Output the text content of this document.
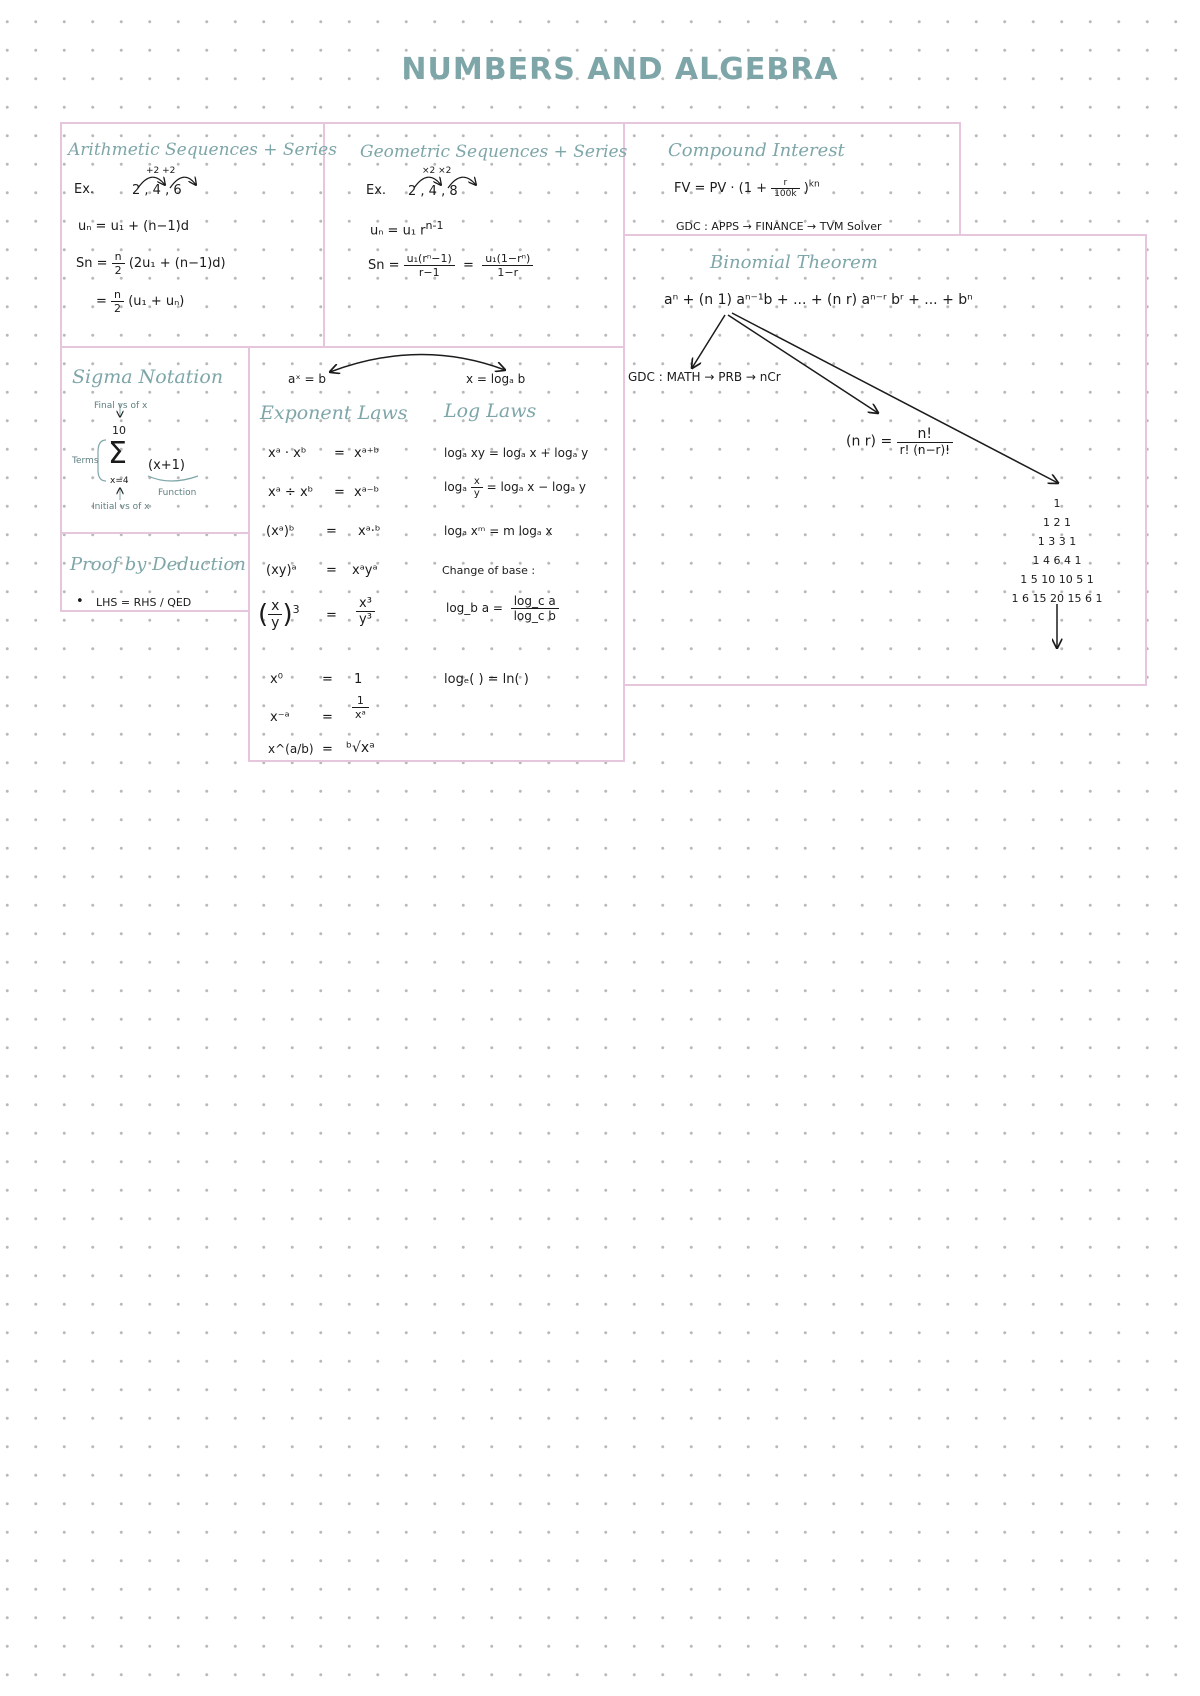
NUMBERS AND ALGEBRA
Arithmetic Sequences + Series
+2 +2
Ex.	2 , 4 , 6
uₙ = u₁ + (n−1)d
$Sn = \frac{n}{2} (2u_1 + (n-1)d)$
= $\frac{n}{2} (u_1 + u_n)$
Geometric Sequences + Series
×2 ×2
Ex. 2 , 4 , 8
uₙ = u₁ $r^{n-1}$
$Sn = \frac{\text{u₁(rⁿ−1)}}{r-1} = \frac{\text{u₁(1−rⁿ)}}{1-r}$
Compound Interest
FV = PV · $(1 + \frac{r}{100k} )^{kn}$
GDC : APPS → FINANCE → TVM Solver
Binomial Theorem
aⁿ + (n 1) aⁿ⁻¹b + ... + (n r) aⁿ⁻ʳ bʳ + ... + bⁿ
GDC : MATH → PRB → nCr
(n $r) = \frac{n!}{r! (n-r)!}$
1
1 2 1
1 3 3 1
1 4 6 4 1
1 5 10 10 5 1
1 6 15 20 15 6 1
Sigma Notation
Final vs of x
10
Σ (x+1)
Terms
x=4
Function
Initial vs of x
Proof by Deduction
• LHS = RHS / QED
aˣ = b	x = logₐ b
Exponent Laws
xᵃ · xᵇ = xᵃ⁺ᵇ
xᵃ ÷ xᵇ = xᵃ⁻ᵇ
(xᵃ)ᵇ = xᵃ·ᵇ
(xy)ᵃ = xᵃyᵃ
( $\frac{x}{y} )^3 = \frac{\text{x³}}{\text{y³}}$
x⁰	= 1
x⁻ᵃ = $\frac{1}{\text{xᵃ}}$
x^(a/b) = ᵇ√xᵃ
Log Laws
logₐ xy = logₐ x + logₐ y
logₐ $\frac{x}{y} = \log_a$ x − logₐ y
logₐ xᵐ = m logₐ x
Change of base :
log_b $a = \frac{\text{log\_c a}}{\text{log\_c b}}$
logₑ( ) = ln( )
